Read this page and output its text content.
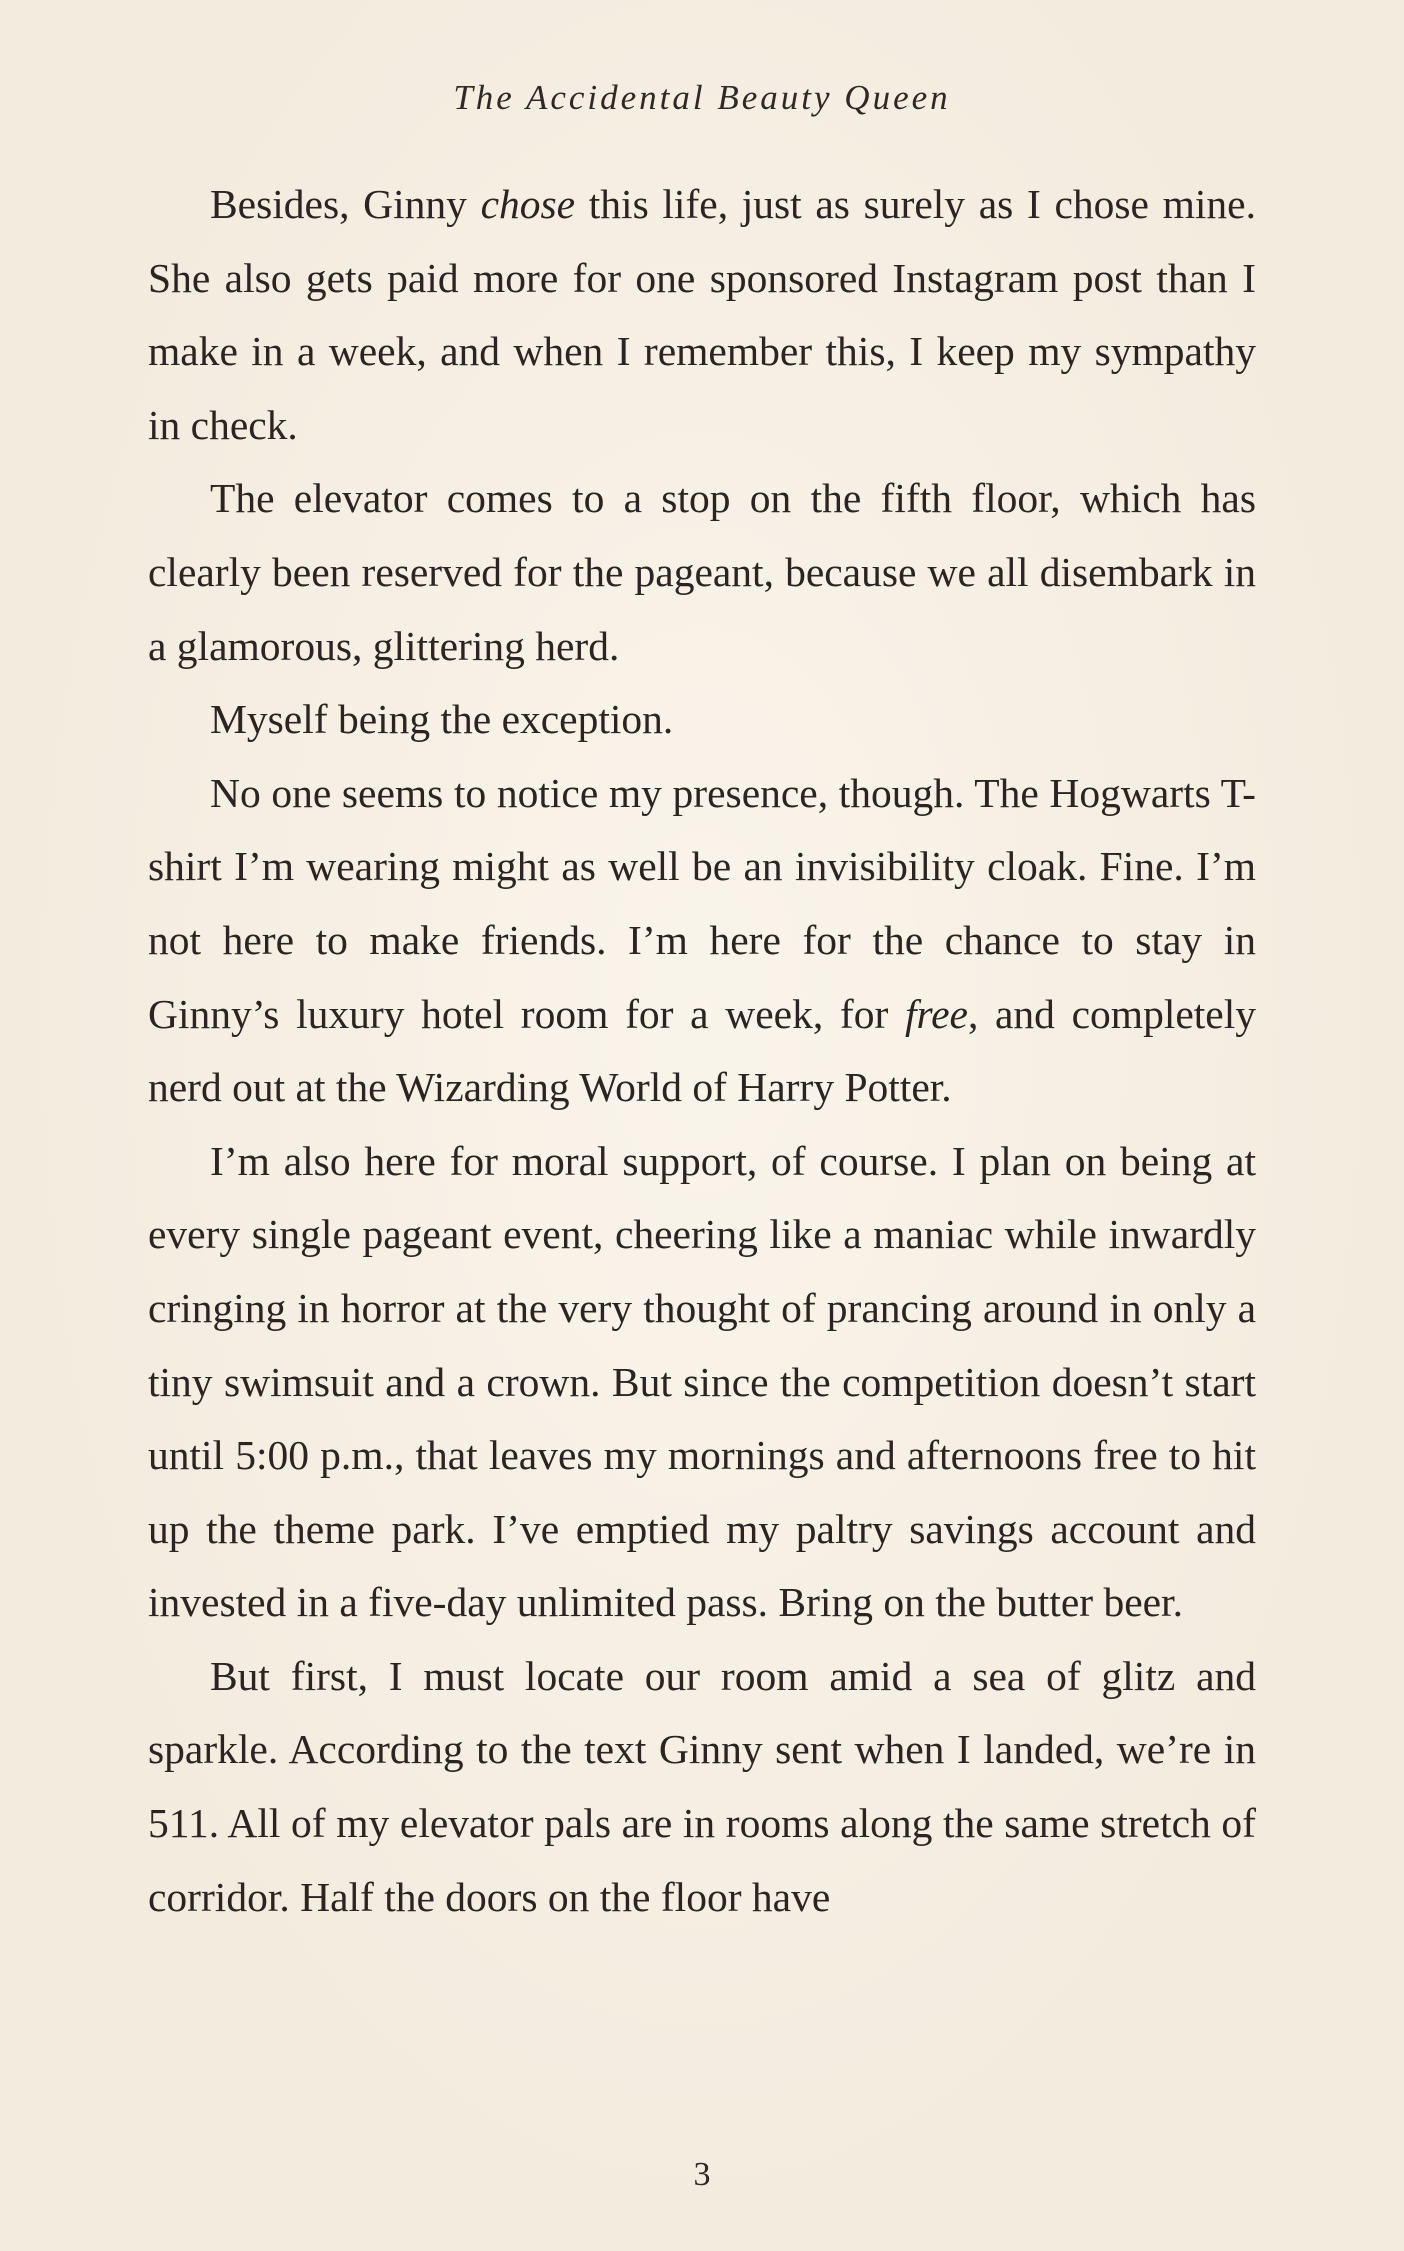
The Accidental Beauty Queen

Besides, Ginny chose this life, just as surely as I chose mine. She also gets paid more for one sponsored Instagram post than I make in a week, and when I remember this, I keep my sympathy in check.

The elevator comes to a stop on the fifth floor, which has clearly been reserved for the pageant, because we all disembark in a glamorous, glittering herd.

Myself being the exception.

No one seems to notice my presence, though. The Hogwarts T-shirt I’m wearing might as well be an invisibility cloak. Fine. I’m not here to make friends. I’m here for the chance to stay in Ginny’s luxury hotel room for a week, for free, and completely nerd out at the Wizarding World of Harry Potter.

I’m also here for moral support, of course. I plan on being at every single pageant event, cheering like a maniac while inwardly cringing in horror at the very thought of prancing around in only a tiny swimsuit and a crown. But since the competition doesn’t start until 5:00 p.m., that leaves my mornings and afternoons free to hit up the theme park. I’ve emptied my paltry savings account and invested in a five-day unlimited pass. Bring on the butter beer.

But first, I must locate our room amid a sea of glitz and sparkle. According to the text Ginny sent when I landed, we’re in 511. All of my elevator pals are in rooms along the same stretch of corridor. Half the doors on the floor have

3
